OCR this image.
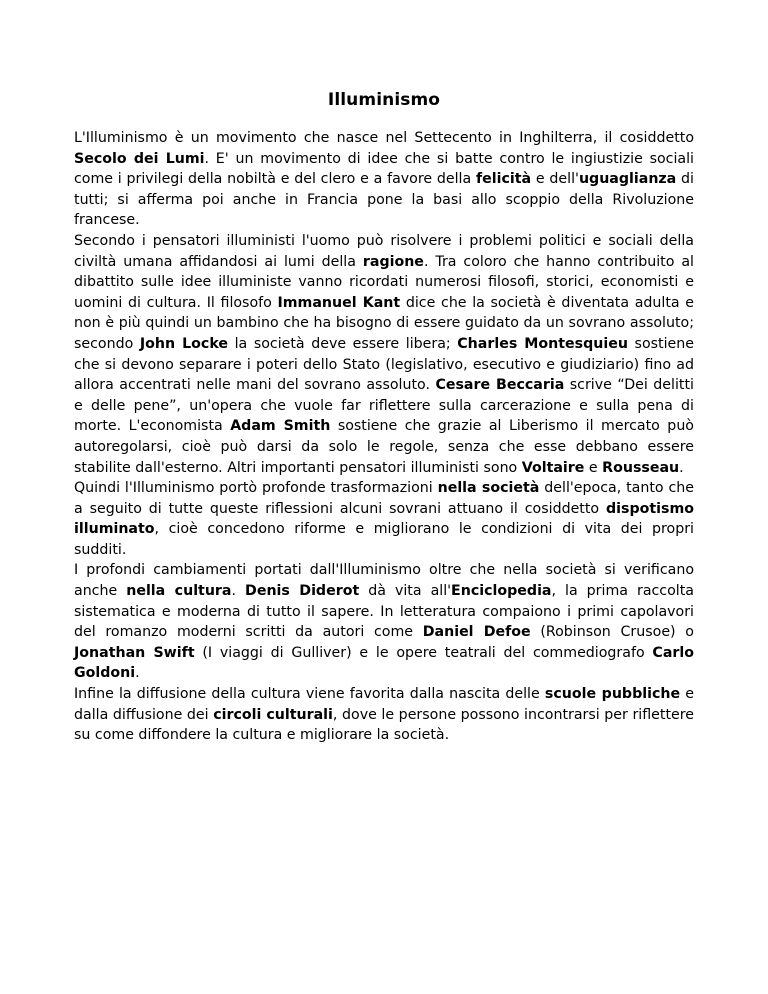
Illuminismo

L'Illuminismo è un movimento che nasce nel Settecento in Inghilterra, il cosiddetto Secolo dei Lumi. E' un movimento di idee che si batte contro le ingiustizie sociali come i privilegi della nobiltà e del clero e a favore della felicità e dell'uguaglianza di tutti; si afferma poi anche in Francia pone la basi allo scoppio della Rivoluzione francese.

Secondo i pensatori illuministi l'uomo può risolvere i problemi politici e sociali della civiltà umana affidandosi ai lumi della ragione. Tra coloro che hanno contribuito al dibattito sulle idee illuministe vanno ricordati numerosi filosofi, storici, economisti e uomini di cultura. Il filosofo Immanuel Kant dice che la società è diventata adulta e non è più quindi un bambino che ha bisogno di essere guidato da un sovrano assoluto; secondo John Locke la società deve essere libera; Charles Montesquieu sostiene che si devono separare i poteri dello Stato (legislativo, esecutivo e giudiziario) fino ad allora accentrati nelle mani del sovrano assoluto. Cesare Beccaria scrive “Dei delitti e delle pene”, un'opera che vuole far riflettere sulla carcerazione e sulla pena di morte. L'economista Adam Smith sostiene che grazie al Liberismo il mercato può autoregolarsi, cioè può darsi da solo le regole, senza che esse debbano essere stabilite dall'esterno. Altri importanti pensatori illuministi sono Voltaire e Rousseau.

Quindi l'Illuminismo portò profonde trasformazioni nella società dell'epoca, tanto che a seguito di tutte queste riflessioni alcuni sovrani attuano il cosiddetto dispotismo illuminato, cioè concedono riforme e migliorano le condizioni di vita dei propri sudditi.

I profondi cambiamenti portati dall'Illuminismo oltre che nella società si verificano anche nella cultura. Denis Diderot dà vita all'Enciclopedia, la prima raccolta sistematica e moderna di tutto il sapere. In letteratura compaiono i primi capolavori del romanzo moderni scritti da autori come Daniel Defoe (Robinson Crusoe) o Jonathan Swift (I viaggi di Gulliver) e le opere teatrali del commediografo Carlo Goldoni.

Infine la diffusione della cultura viene favorita dalla nascita delle scuole pubbliche e dalla diffusione dei circoli culturali, dove le persone possono incontrarsi per riflettere su come diffondere la cultura e migliorare la società.
